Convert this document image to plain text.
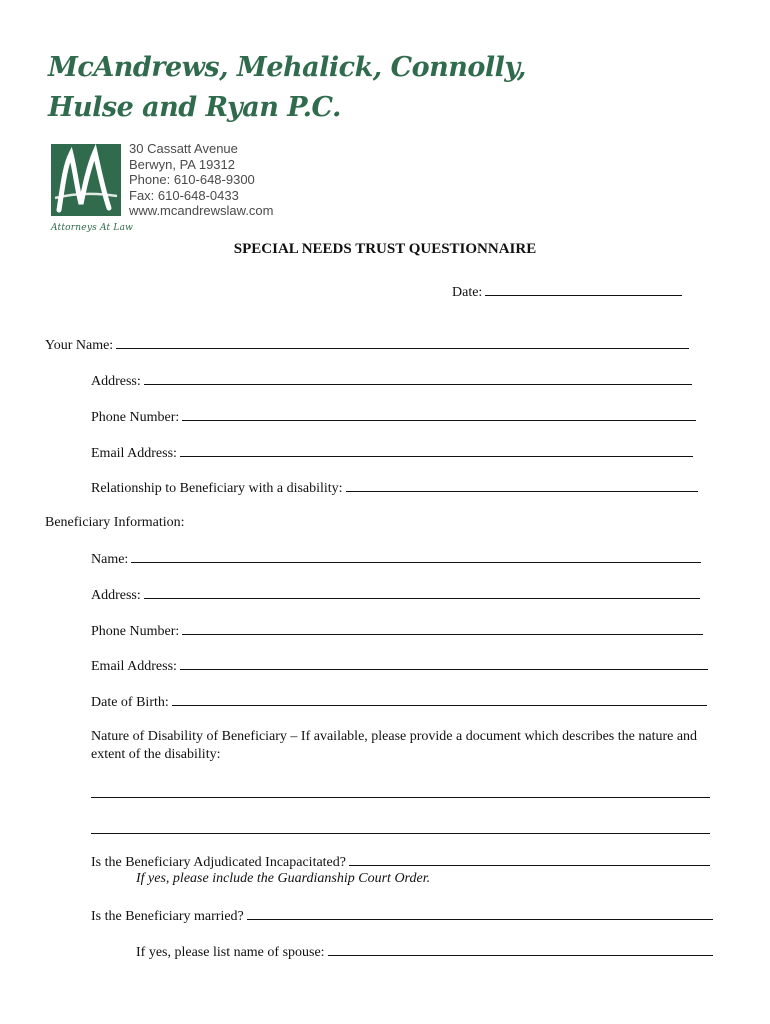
McAndrews, Mehalick, Connolly,
Hulse and Ryan P.C.
Attorneys At Law
30 Cassatt Avenue
Berwyn, PA 19312
Phone: 610-648-9300
Fax: 610-648-0433
www.mcandrewslaw.com
SPECIAL NEEDS TRUST QUESTIONNAIRE
Date:
Your Name:
Address:
Phone Number:
Email Address:
Relationship to Beneficiary with a disability:
Beneficiary Information:
Name:
Address:
Phone Number:
Email Address:
Date of Birth:
Nature of Disability of Beneficiary – If available, please provide a document which describes the nature and extent of the disability:
Is the Beneficiary Adjudicated Incapacitated?
If yes, please include the Guardianship Court Order.
Is the Beneficiary married?
If yes, please list name of spouse:
